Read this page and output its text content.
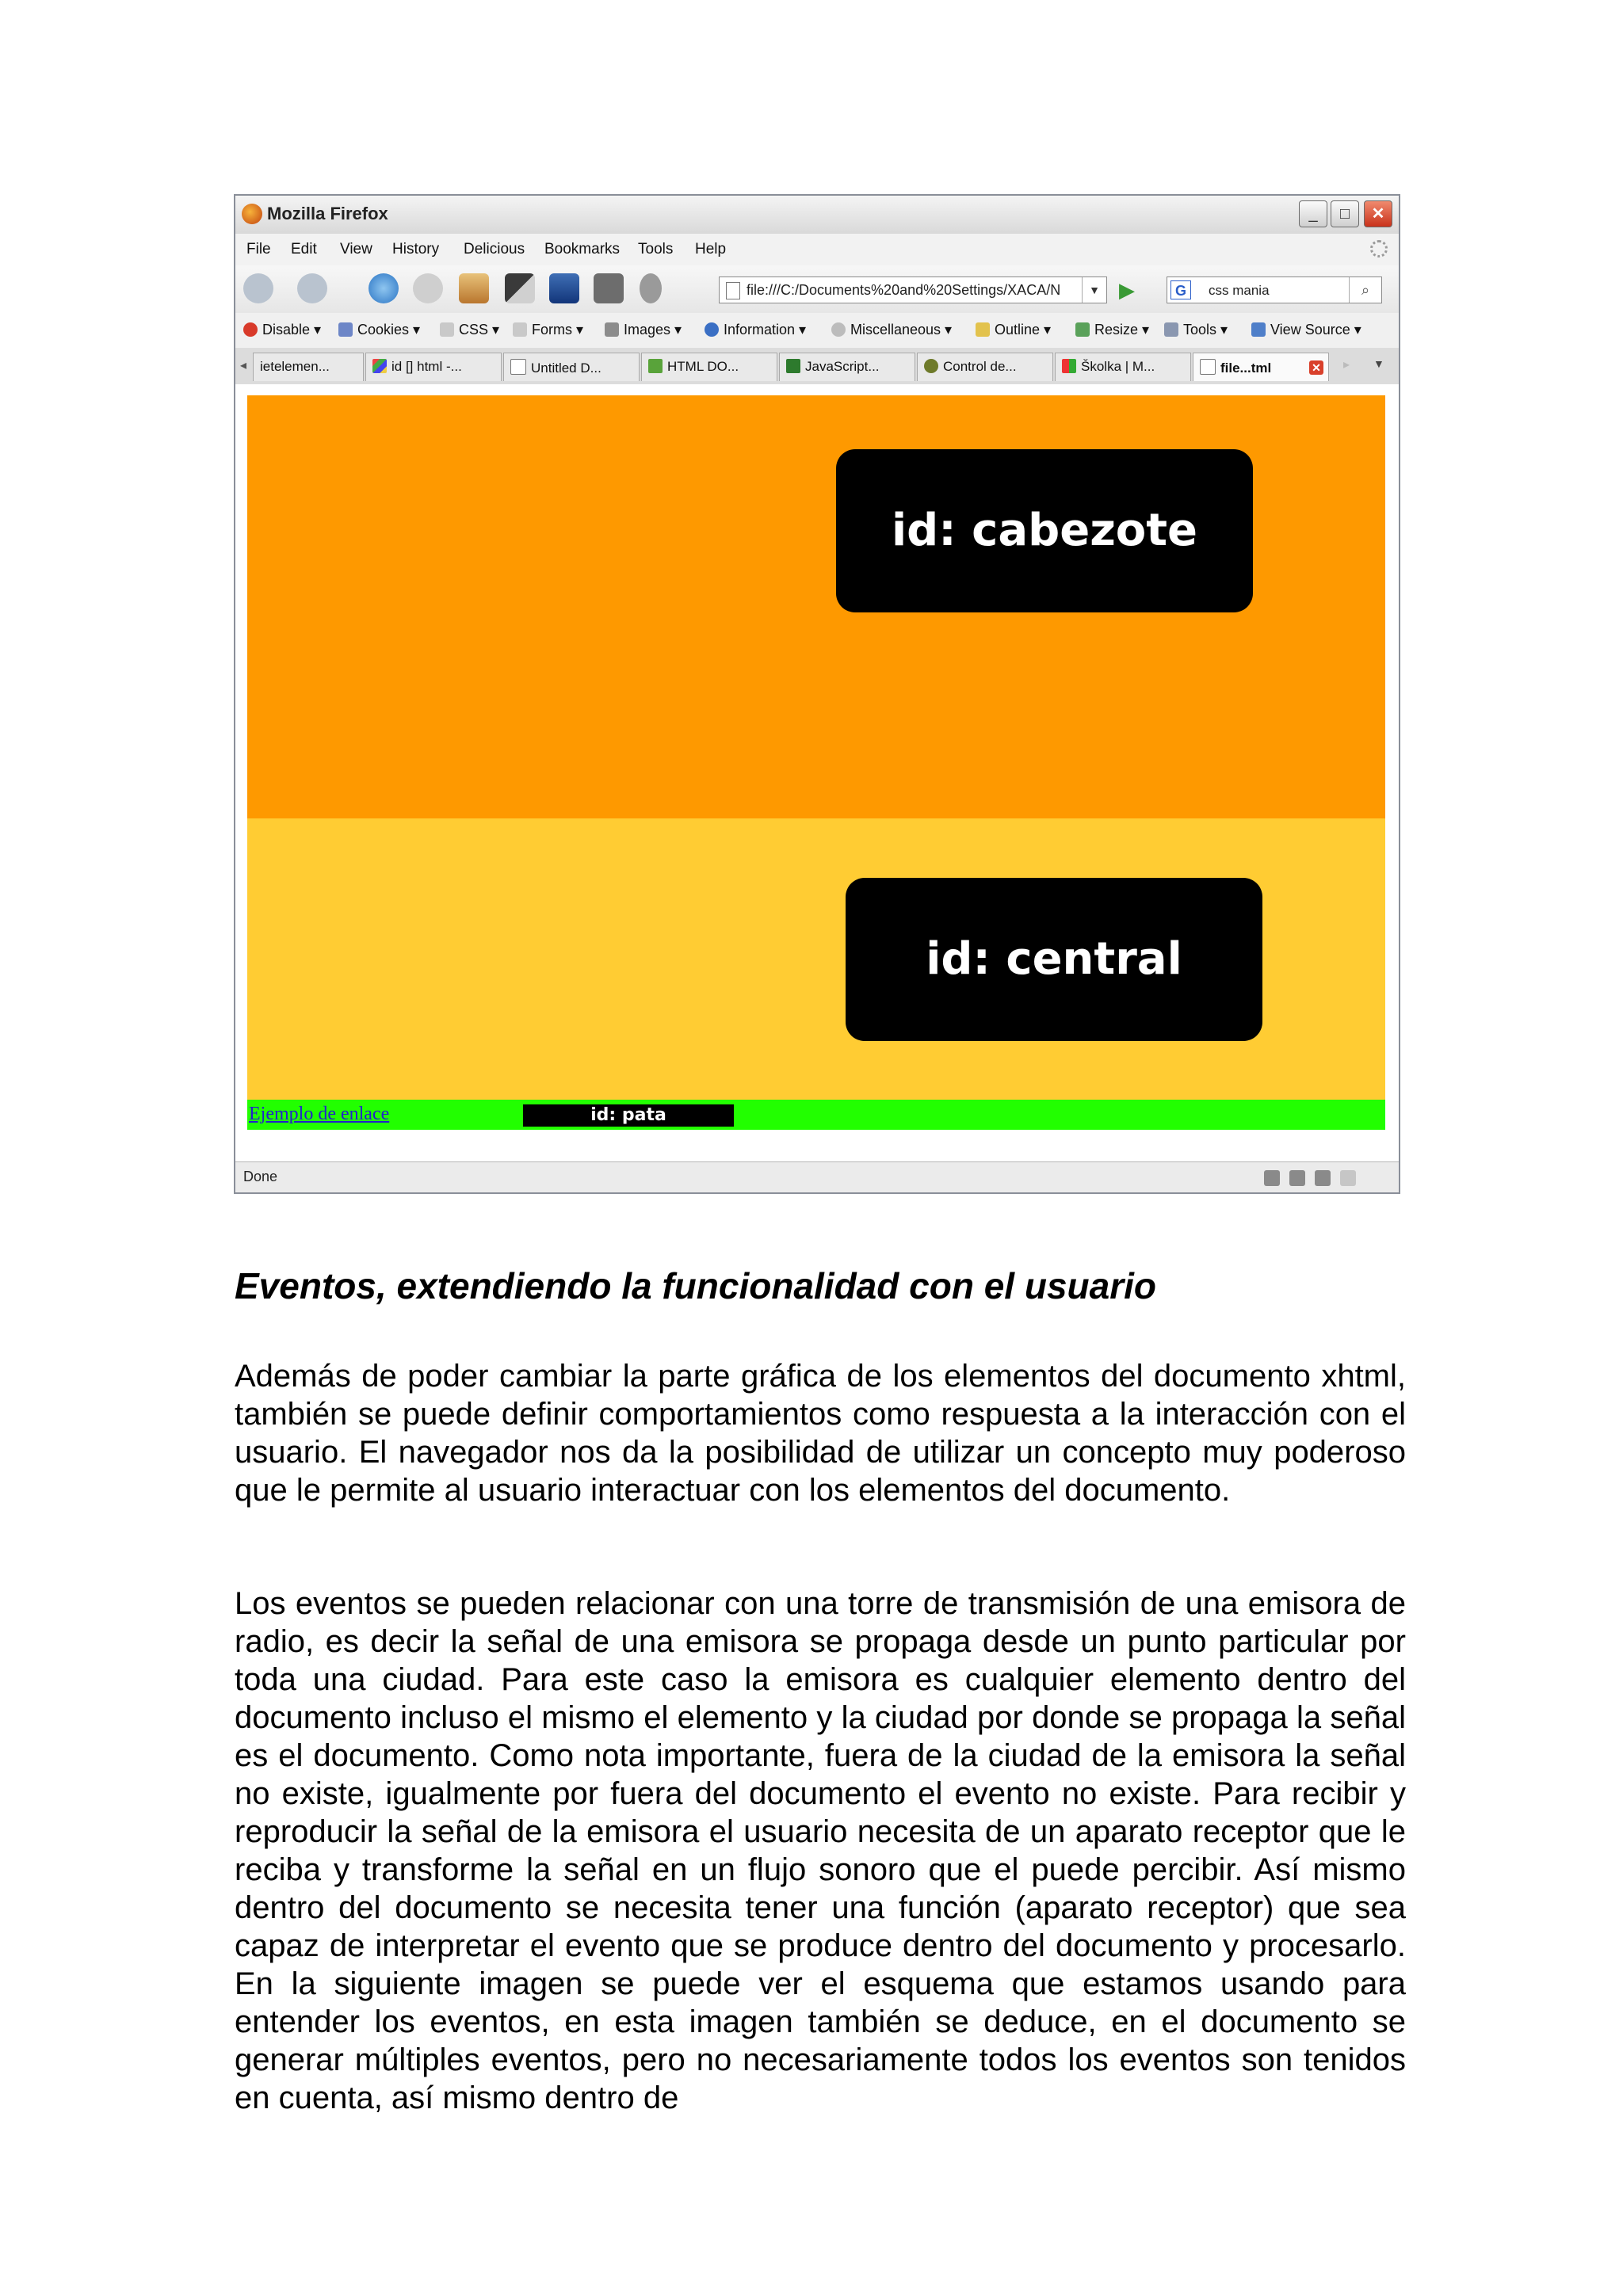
Mozilla Firefox	_	□	✕
File Edit View History Delicious Bookmarks Tools Help
file:///C:/Documents%20and%20Settings/XACA/N	▼ ▶	G	css mania	⌕
Disable ▾	Cookies ▾	CSS ▾	Forms ▾	Images ▾	Information ▾	Miscellaneous ▾	Outline ▾	Resize ▾	Tools ▾	View Source ▾
◂ ietelemen...	id [] html -...	Untitled D...	HTML DO...	JavaScript...	Control de...	Školka | M...	file...tml	✕ ▸ ▼
id: cabezote
id: central
Ejemplo de enlace	id: pata
Done
Eventos, extendiendo la funcionalidad con el usuario
Además de poder cambiar la parte gráfica de los elementos del documento xhtml, también se puede definir comportamientos como respuesta a la interacción con el usuario. El navegador nos da la posibilidad de utilizar un concepto muy poderoso que le permite al usuario interactuar con los elementos del documento.
Los eventos se pueden relacionar con una torre de transmisión de una emisora de radio, es decir la señal de una emisora se propaga desde un punto particular por toda una ciudad. Para este caso la emisora es cualquier elemento dentro del documento incluso el mismo el elemento y la ciudad por donde se propaga la señal es el documento. Como nota importante, fuera de la ciudad de la emisora la señal no existe, igualmente por fuera del documento el evento no existe. Para recibir y reproducir la señal de la emisora el usuario necesita de un aparato receptor que le reciba y transforme la señal en un flujo sonoro que el puede percibir. Así mismo dentro del documento se necesita tener una función (aparato receptor) que sea capaz de interpretar el evento que se produce dentro del documento y procesarlo. En la siguiente imagen se puede ver el esquema que estamos usando para entender los eventos, en esta imagen también se deduce, en el documento se generar múltiples eventos, pero no necesariamente todos los eventos son tenidos en cuenta, así mismo dentro de
